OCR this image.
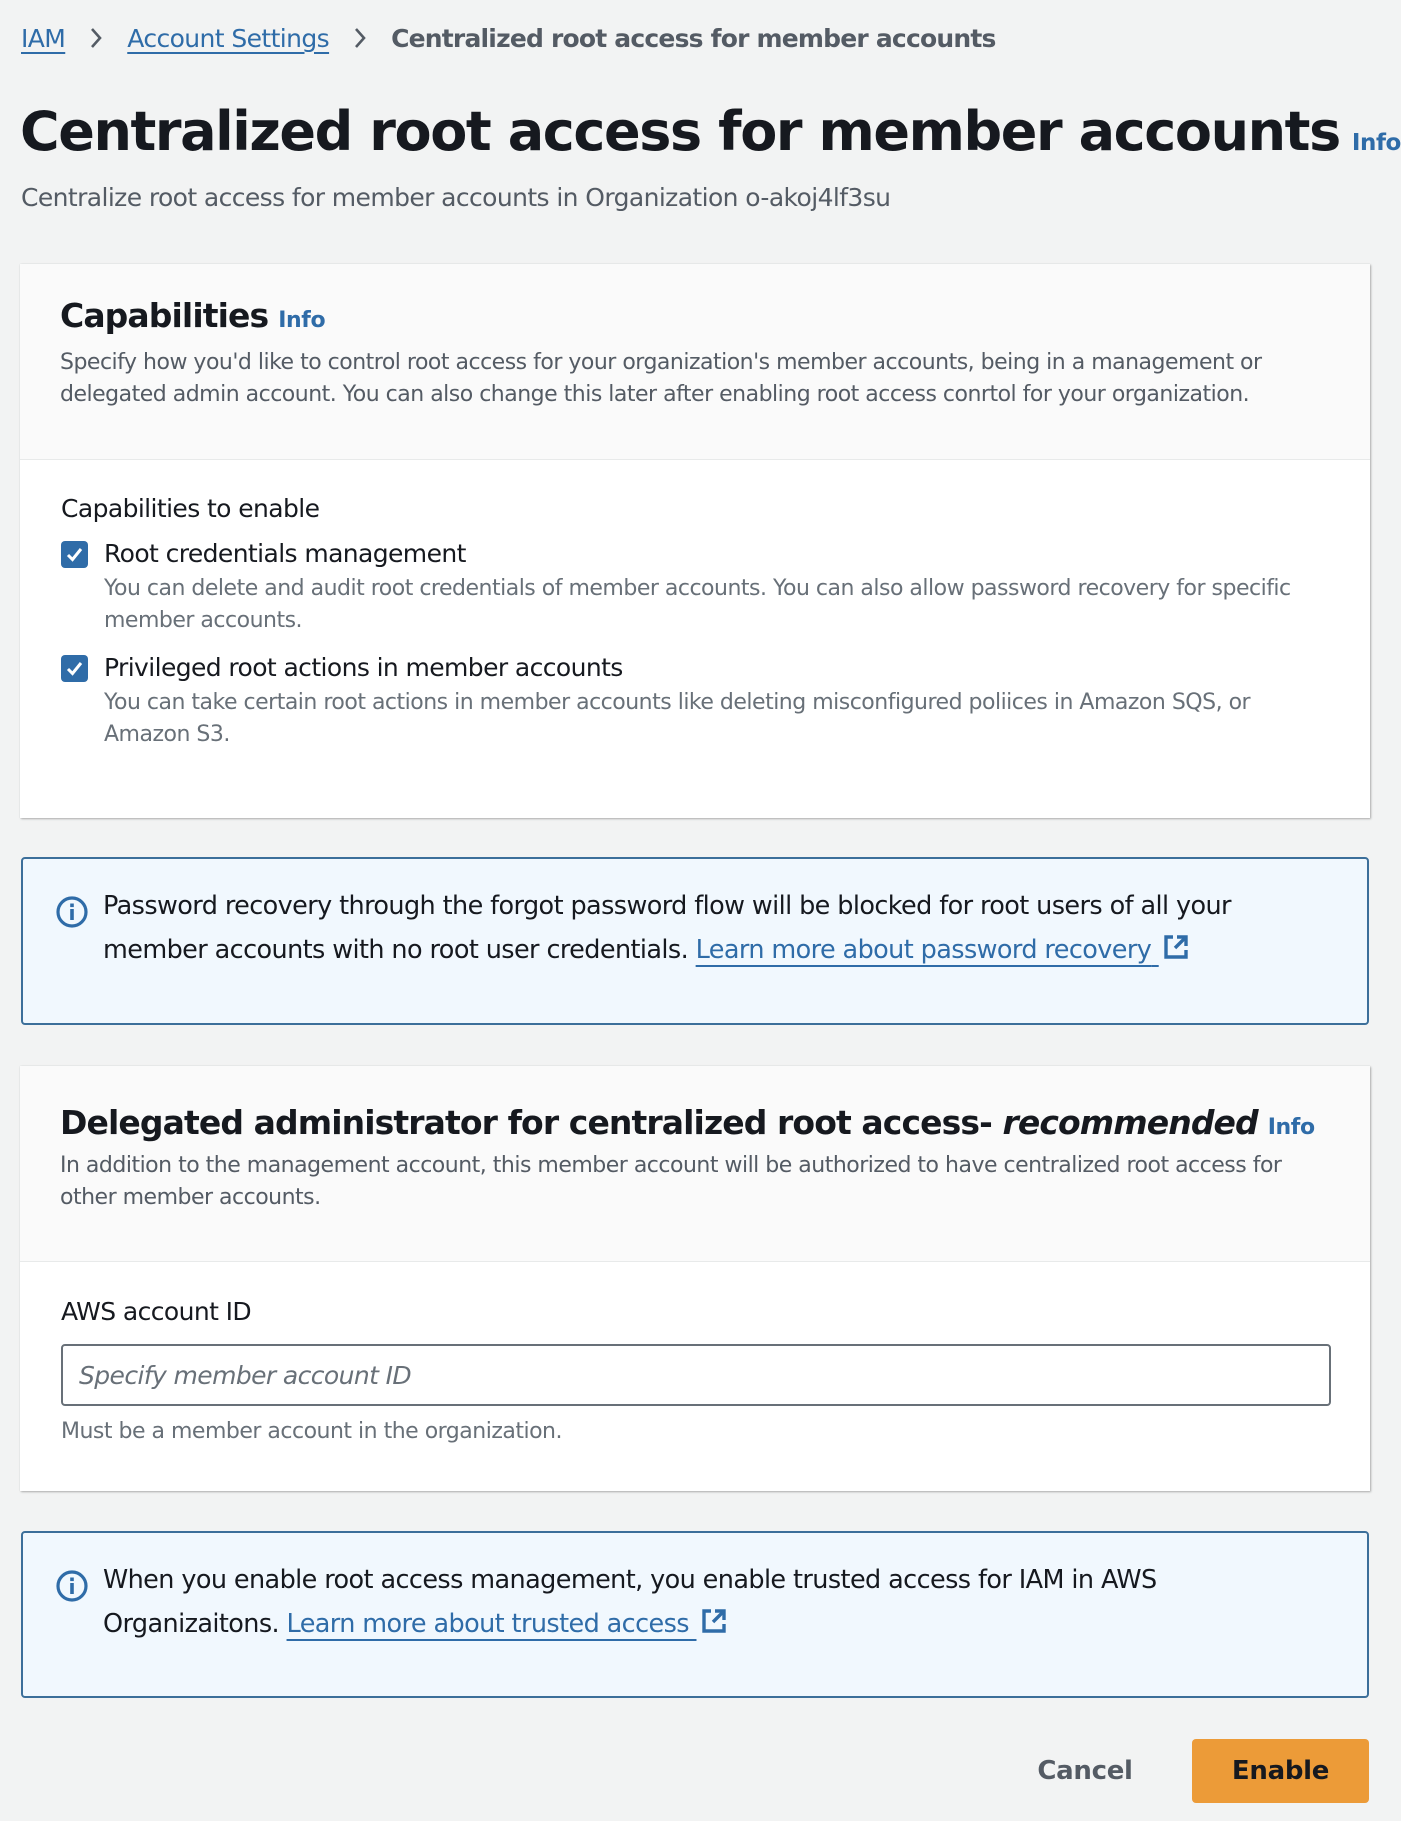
IAM Account Settings Centralized root access for member accounts
Centralized root access for member accounts Info
Centralize root access for member accounts in Organization o-akoj4lf3su
Capabilities Info

Specify how you'd like to control root access for your organization's member accounts, being in a management or delegated admin account. You can also change this later after enabling root access conrtol for your organization.

Capabilities to enable
Root credentials management
You can delete and audit root credentials of member accounts. You can also allow password recovery for specific member accounts.
Privileged root actions in member accounts
You can take certain root actions in member accounts like deleting misconfigured poliices in Amazon SQS, or Amazon S3.

Password recovery through the forgot password flow will be blocked for root users of all your member accounts with no root user credentials. Learn more about password recovery

Delegated administrator for centralized root access- recommended Info

In addition to the management account, this member account will be authorized to have centralized root access for other member accounts.

AWS account ID
Specify member account ID
Must be a member account in the organization.

When you enable root access management, you enable trusted access for IAM in AWS Organizaitons. Learn more about trusted access

Cancel	Enable
